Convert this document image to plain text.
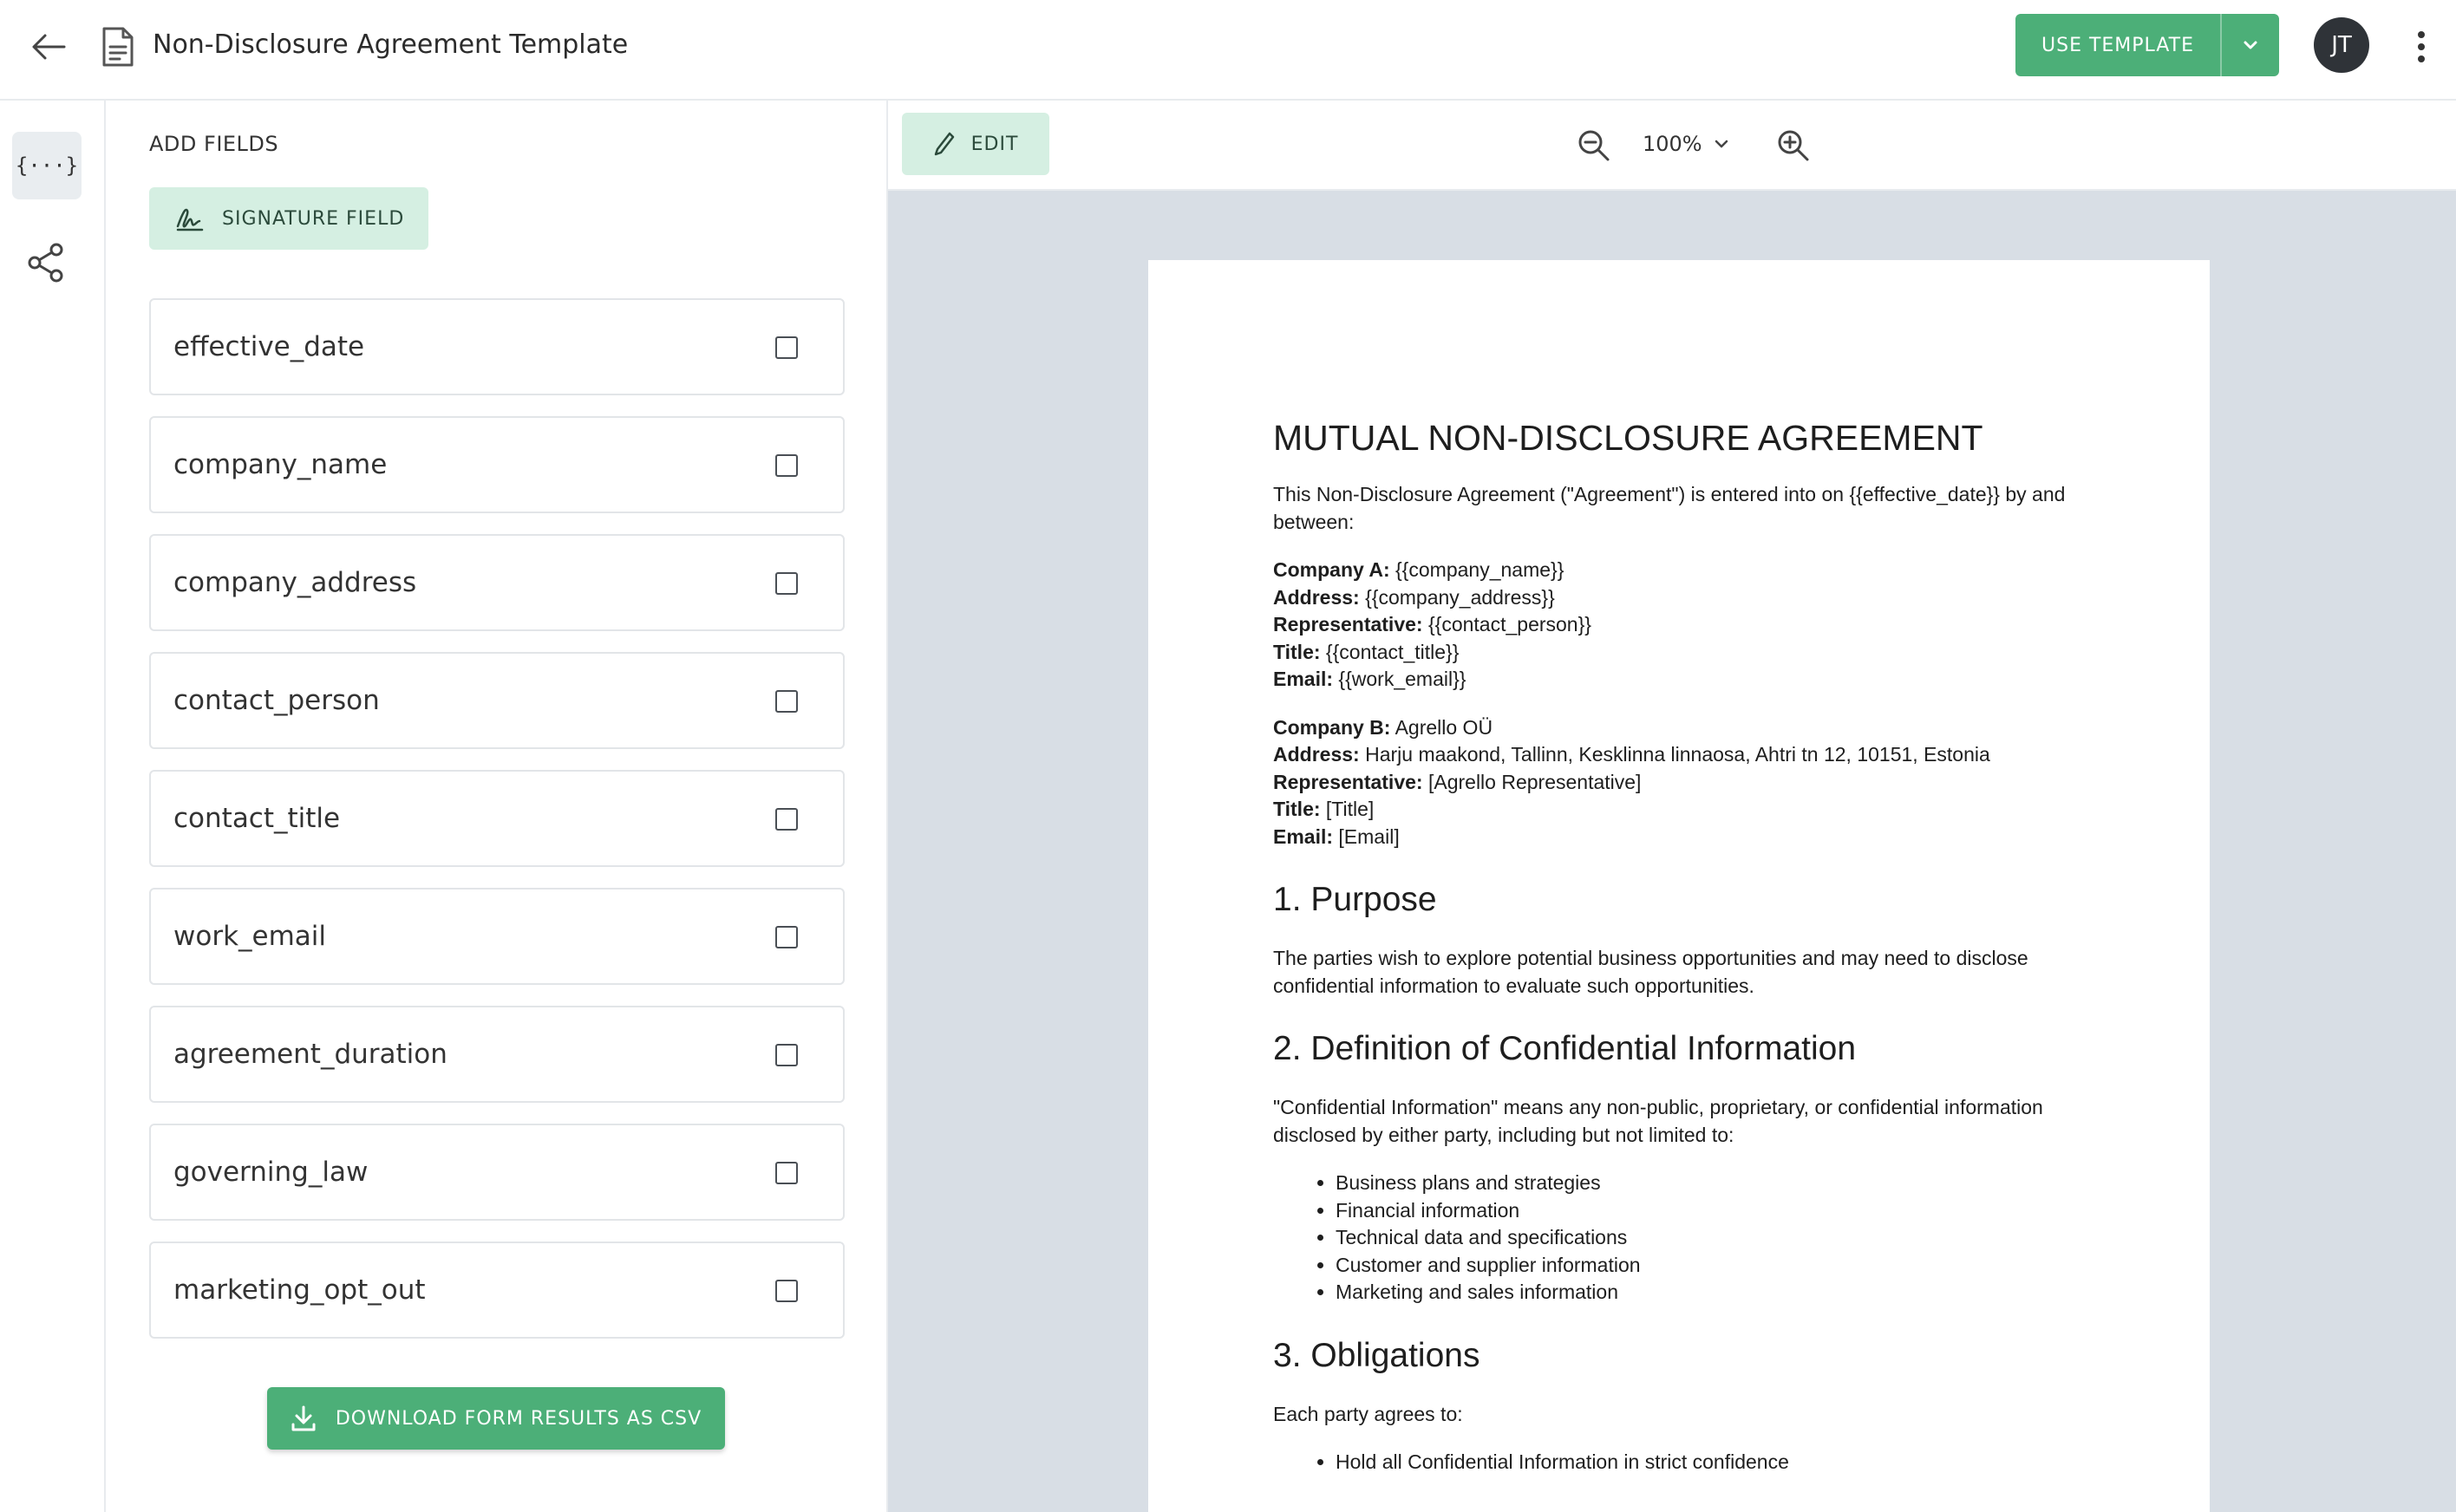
Non-Disclosure Agreement Template	USE TEMPLATE	JT
{···}
ADD FIELDS
SIGNATURE FIELD
effective_date
company_name
company_address
contact_person
contact_title
work_email
agreement_duration
governing_law
marketing_opt_out
DOWNLOAD FORM RESULTS AS CSV
EDIT	100%
MUTUAL NON-DISCLOSURE AGREEMENT

This Non-Disclosure Agreement ("Agreement") is entered into on {{effective_date}} by and between:

Company A: {{company_name}}
Address: {{company_address}}
Representative: {{contact_person}}
Title: {{contact_title}}
Email: {{work_email}}
Company B: Agrello OÜ
Address: Harju maakond, Tallinn, Kesklinna linnaosa, Ahtri tn 12, 10151, Estonia
Representative: [Agrello Representative]
Title: [Title]
Email: [Email]
1. Purpose

The parties wish to explore potential business opportunities and may need to disclose confidential information to evaluate such opportunities.

2. Definition of Confidential Information

"Confidential Information" means any non-public, proprietary, or confidential information disclosed by either party, including but not limited to:

• Business plans and strategies
• Financial information
• Technical data and specifications
• Customer and supplier information
• Marketing and sales information
3. Obligations

Each party agrees to:

• Hold all Confidential Information in strict confidence
